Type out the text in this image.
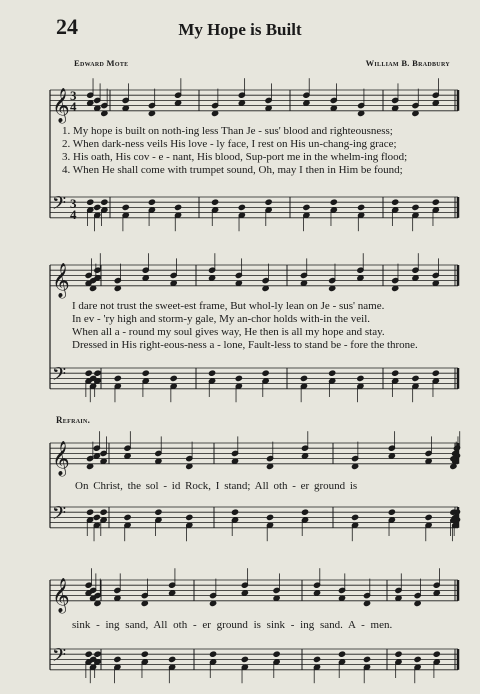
24	My Hope is Built
Edward Mote	William B. Bradbury
𝄞
𝄢
𝄞
𝄢
𝄞
𝄢
𝄞
𝄢
3
4
3
4
1. My hope is built on noth-ing less Than Je - sus' blood and righteousness;
2. When dark-ness veils His love - ly face, I rest on His un-chang-ing grace;
3. His oath, His cov - e - nant, His blood, Sup-port me in the whelm-ing flood;
4. When He shall come with trumpet sound, Oh, may I then in Him be found;
I dare not trust the sweet-est frame, But whol-ly lean on Je - sus' name.
In ev - 'ry high and storm-y gale, My an-chor holds with-in the veil.
When all a - round my soul gives way, He then is all my hope and stay.
Dressed in His right-eous-ness a - lone, Fault-less to stand be - fore the throne.
Refrain.
On Christ, the sol - id Rock, I stand; All oth - er ground is
sink - ing sand, All oth - er ground is sink - ing sand. A - men.
